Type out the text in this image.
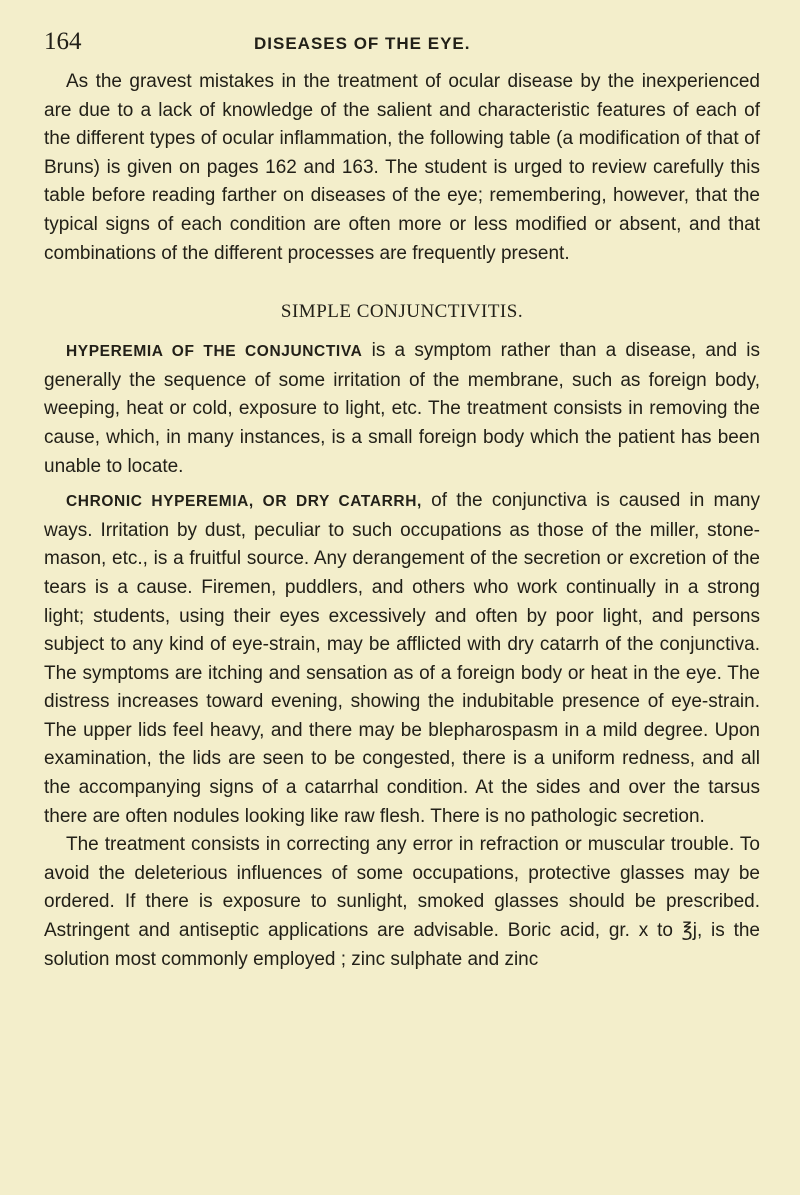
164	DISEASES OF THE EYE.

As the gravest mistakes in the treatment of ocular disease by the inexperienced are due to a lack of knowledge of the salient and characteristic features of each of the different types of ocular inflammation, the following table (a modification of that of Bruns) is given on pages 162 and 163. The student is urged to review carefully this table before reading farther on diseases of the eye; remembering, however, that the typical signs of each condition are often more or less modified or absent, and that combinations of the different processes are frequently present.

SIMPLE CONJUNCTIVITIS.

HYPEREMIA OF THE CONJUNCTIVA is a symptom rather than a disease, and is generally the sequence of some irritation of the membrane, such as foreign body, weeping, heat or cold, exposure to light, etc. The treatment consists in removing the cause, which, in many instances, is a small foreign body which the patient has been unable to locate.

CHRONIC HYPEREMIA, OR DRY CATARRH, of the conjunctiva is caused in many ways. Irritation by dust, peculiar to such occupations as those of the miller, stone-mason, etc., is a fruitful source. Any derangement of the secretion or excretion of the tears is a cause. Firemen, puddlers, and others who work continually in a strong light; students, using their eyes excessively and often by poor light, and persons subject to any kind of eye-strain, may be afflicted with dry catarrh of the conjunctiva. The symptoms are itching and sensation as of a foreign body or heat in the eye. The distress increases toward evening, showing the indubitable presence of eye-strain. The upper lids feel heavy, and there may be blepharospasm in a mild degree. Upon examination, the lids are seen to be congested, there is a uniform redness, and all the accompanying signs of a catarrhal condition. At the sides and over the tarsus there are often nodules looking like raw flesh. There is no pathologic secretion.

The treatment consists in correcting any error in refraction or muscular trouble. To avoid the deleterious influences of some occupations, protective glasses may be ordered. If there is exposure to sunlight, smoked glasses should be prescribed. Astringent and antiseptic applications are advisable. Boric acid, gr. x to ℥j, is the solution most commonly employed ; zinc sulphate and zinc
